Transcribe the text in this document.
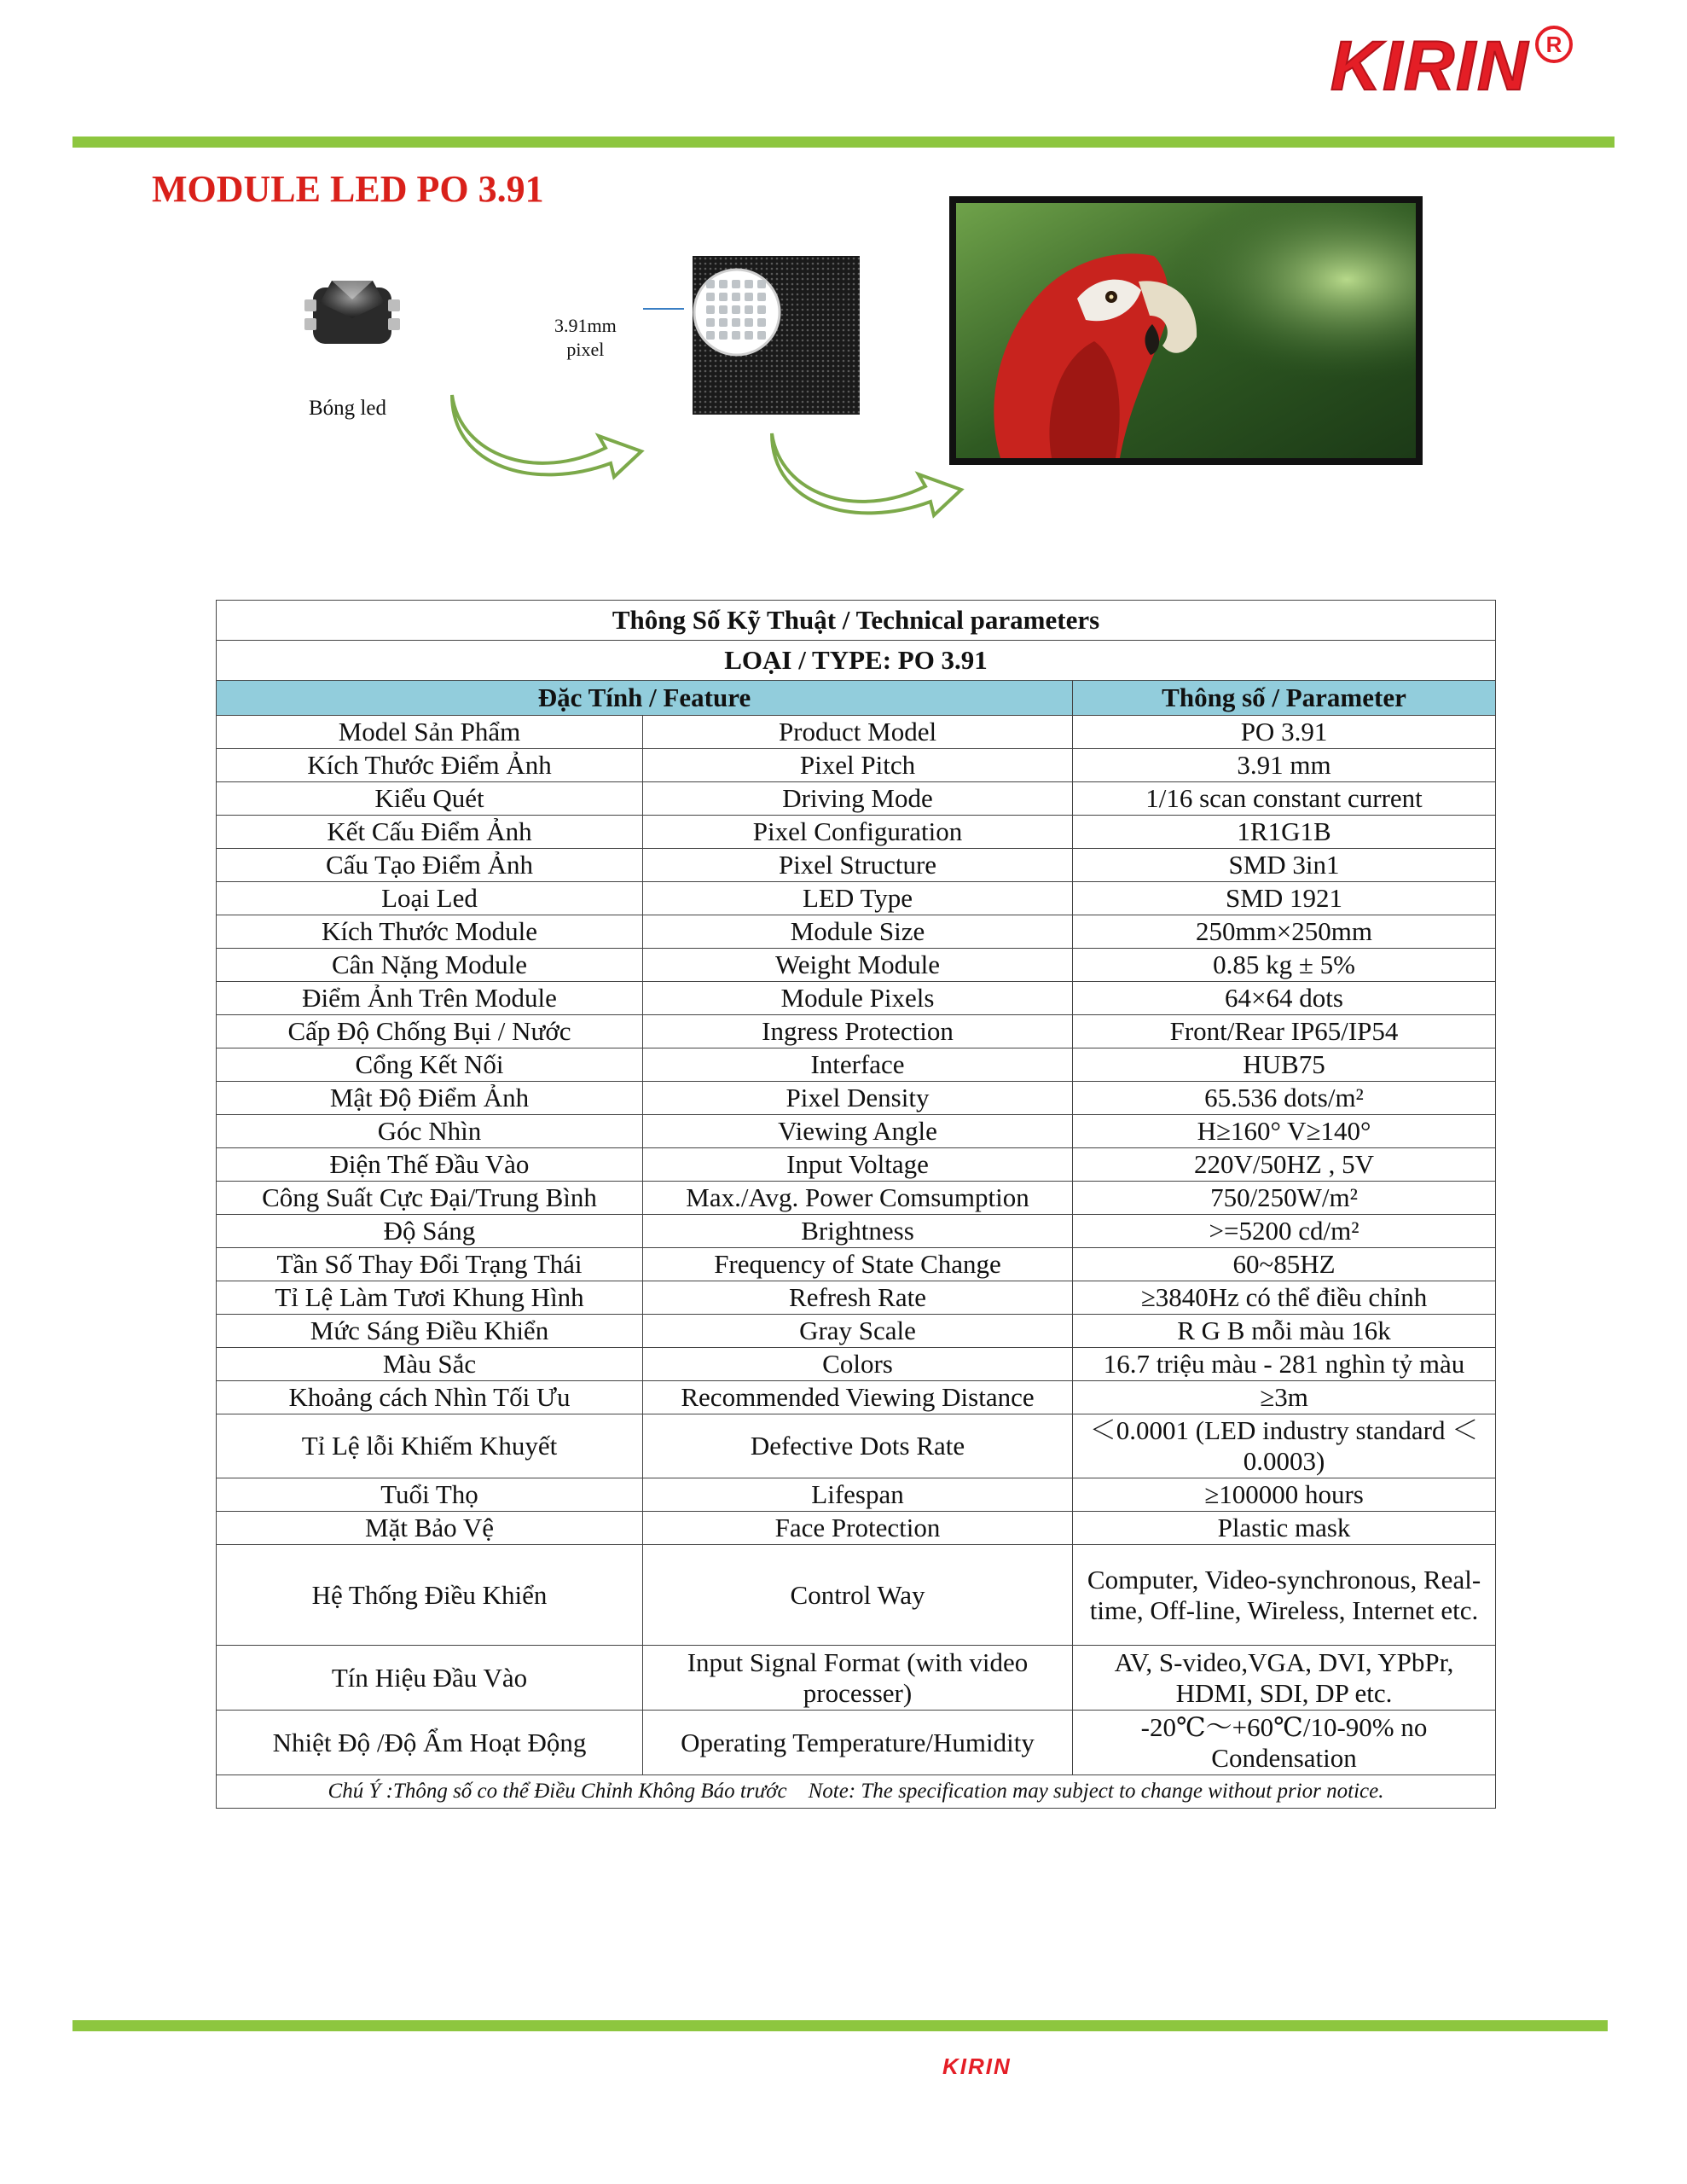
KIRIN R
MODULE LED PO 3.91
Bóng led
3.91mm
pixel
Thông Số Kỹ Thuật / Technical parameters		
LOẠI / TYPE: PO 3.91		
Đặc Tính / Feature		Thông số / Parameter
Model Sản Phẩm	Product Model	PO 3.91
Kích Thước Điểm Ảnh	Pixel Pitch	3.91 mm
Kiểu Quét	Driving Mode	1/16 scan constant current
Kết Cấu Điểm Ảnh	Pixel Configuration	1R1G1B
Cấu Tạo Điểm Ảnh	Pixel Structure	SMD 3in1
Loại Led	LED Type	SMD 1921
Kích Thước Module	Module Size	250mm×250mm
Cân Nặng Module	Weight Module	0.85 kg ± 5%
Điểm Ảnh Trên Module	Module Pixels	64×64 dots
Cấp Độ Chống Bụi / Nước	Ingress Protection	Front/Rear IP65/IP54
Cổng Kết Nối	Interface	HUB75
Mật Độ Điểm Ảnh	Pixel Density	65.536 dots/m²
Góc Nhìn	Viewing Angle	H≥160° V≥140°
Điện Thế Đầu Vào	Input Voltage	220V/50HZ , 5V
Công Suất Cực Đại/Trung Bình	Max./Avg. Power Comsumption	750/250W/m²
Độ Sáng	Brightness	>=5200 cd/m²
Tần Số Thay Đổi Trạng Thái	Frequency of State Change	60~85HZ
Tỉ Lệ Làm Tươi Khung Hình	Refresh Rate	≥3840Hz có thể điều chỉnh
Mức Sáng Điều Khiển	Gray Scale	R G B mỗi màu 16k
Màu Sắc	Colors	16.7 triệu màu - 281 nghìn tỷ màu
Khoảng cách Nhìn Tối Ưu	Recommended Viewing Distance	≥3m
Tỉ Lệ lỗi Khiếm Khuyết	Defective Dots Rate	＜0.0001 (LED industry standard ＜0.0003)
Tuổi Thọ	Lifespan	≥100000 hours
Mặt Bảo Vệ	Face Protection	Plastic mask
Hệ Thống Điều Khiển	Control Way	Computer, Video-synchronous, Real-time, Off-line, Wireless, Internet etc.
Tín Hiệu Đầu Vào	Input Signal Format (with video processer)	AV, S-video,VGA, DVI, YPbPr, HDMI, SDI, DP etc.
Nhiệt Độ /Độ Ẩm Hoạt Động	Operating Temperature/Humidity	-20℃～+60℃/10-90% no Condensation
Chú Ý :Thông số co thể Điều Chỉnh Không Báo trước    Note: The specification may subject to change without prior notice.		
KIRIN
